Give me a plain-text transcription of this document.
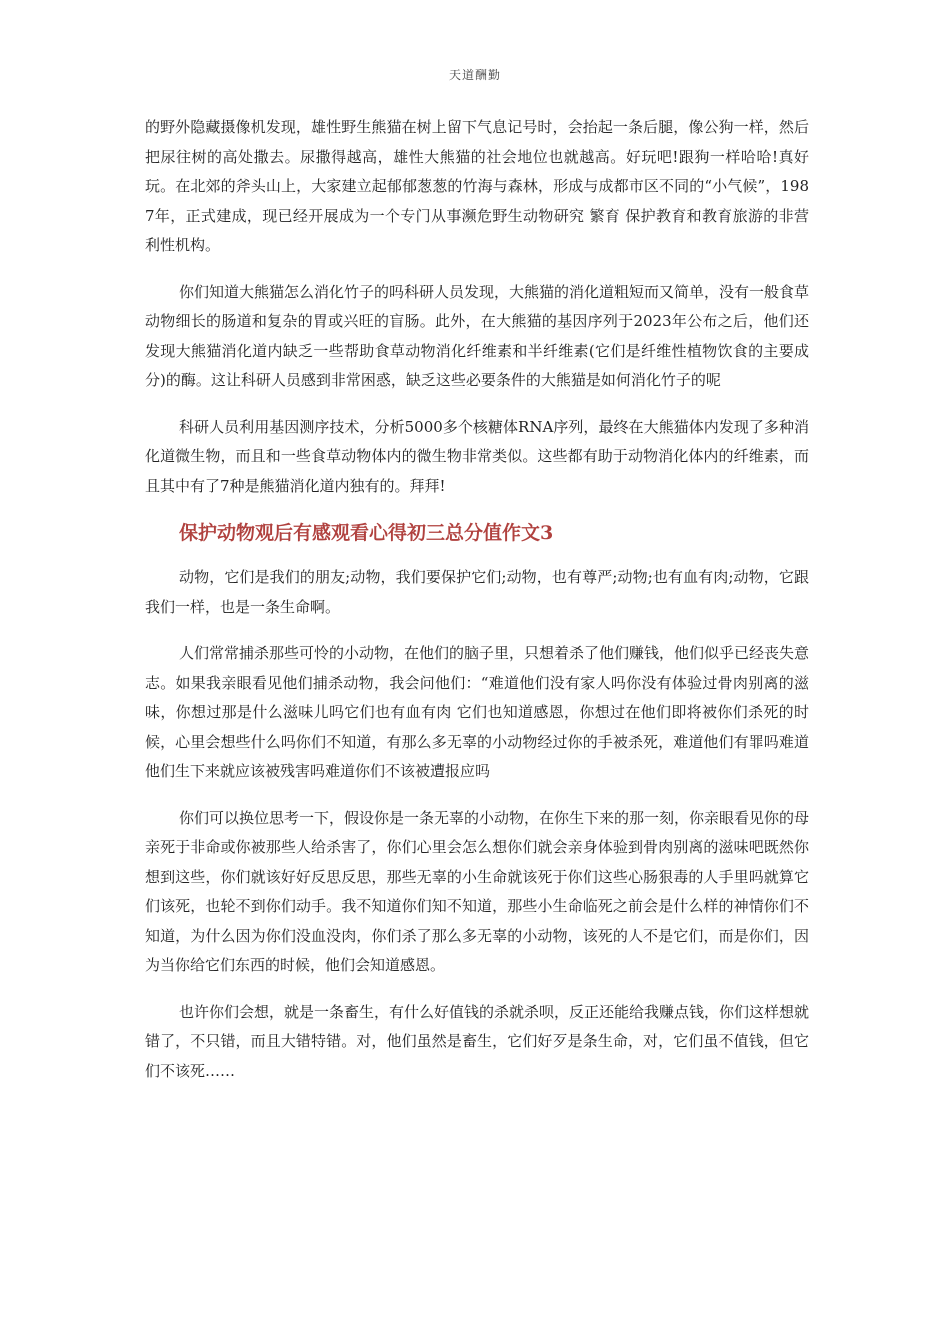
天道酬勤

的野外隐藏摄像机发现，雄性野生熊猫在树上留下气息记号时，会抬起一条后腿，像公狗一样，然后把尿往树的高处撒去。尿撒得越高，雄性大熊猫的社会地位也就越高。好玩吧!跟狗一样哈哈!真好玩。在北郊的斧头山上，大家建立起郁郁葱葱的竹海与森林，形成与成都市区不同的“小气候”，1987年，正式建成，现已经开展成为一个专门从事濒危野生动物研究 繁育 保护教育和教育旅游的非营利性机构。

你们知道大熊猫怎么消化竹子的吗科研人员发现，大熊猫的消化道粗短而又简单，没有一般食草动物细长的肠道和复杂的胃或兴旺的盲肠。此外，在大熊猫的基因序列于2023年公布之后，他们还发现大熊猫消化道内缺乏一些帮助食草动物消化纤维素和半纤维素(它们是纤维性植物饮食的主要成分)的酶。这让科研人员感到非常困惑，缺乏这些必要条件的大熊猫是如何消化竹子的呢

科研人员利用基因测序技术，分析5000多个核糖体RNA序列，最终在大熊猫体内发现了多种消化道微生物，而且和一些食草动物体内的微生物非常类似。这些都有助于动物消化体内的纤维素，而且其中有了7种是熊猫消化道内独有的。拜拜!

保护动物观后有感观看心得初三总分值作文3

动物，它们是我们的朋友;动物，我们要保护它们;动物，也有尊严;动物;也有血有肉;动物，它跟我们一样，也是一条生命啊。

人们常常捕杀那些可怜的小动物，在他们的脑子里，只想着杀了他们赚钱，他们似乎已经丧失意志。如果我亲眼看见他们捕杀动物，我会问他们：“难道他们没有家人吗你没有体验过骨肉别离的滋味，你想过那是什么滋味儿吗它们也有血有肉 它们也知道感恩，你想过在他们即将被你们杀死的时候，心里会想些什么吗你们不知道，有那么多无辜的小动物经过你的手被杀死，难道他们有罪吗难道他们生下来就应该被残害吗难道你们不该被遭报应吗

你们可以换位思考一下，假设你是一条无辜的小动物，在你生下来的那一刻，你亲眼看见你的母亲死于非命或你被那些人给杀害了，你们心里会怎么想你们就会亲身体验到骨肉别离的滋味吧既然你想到这些，你们就该好好反思反思，那些无辜的小生命就该死于你们这些心肠狠毒的人手里吗就算它们该死，也轮不到你们动手。我不知道你们知不知道，那些小生命临死之前会是什么样的神情你们不知道，为什么因为你们没血没肉，你们杀了那么多无辜的小动物，该死的人不是它们，而是你们，因为当你给它们东西的时候，他们会知道感恩。

也许你们会想，就是一条畜生，有什么好值钱的杀就杀呗，反正还能给我赚点钱，你们这样想就错了，不只错，而且大错特错。对，他们虽然是畜生，它们好歹是条生命，对，它们虽不值钱，但它们不该死……
